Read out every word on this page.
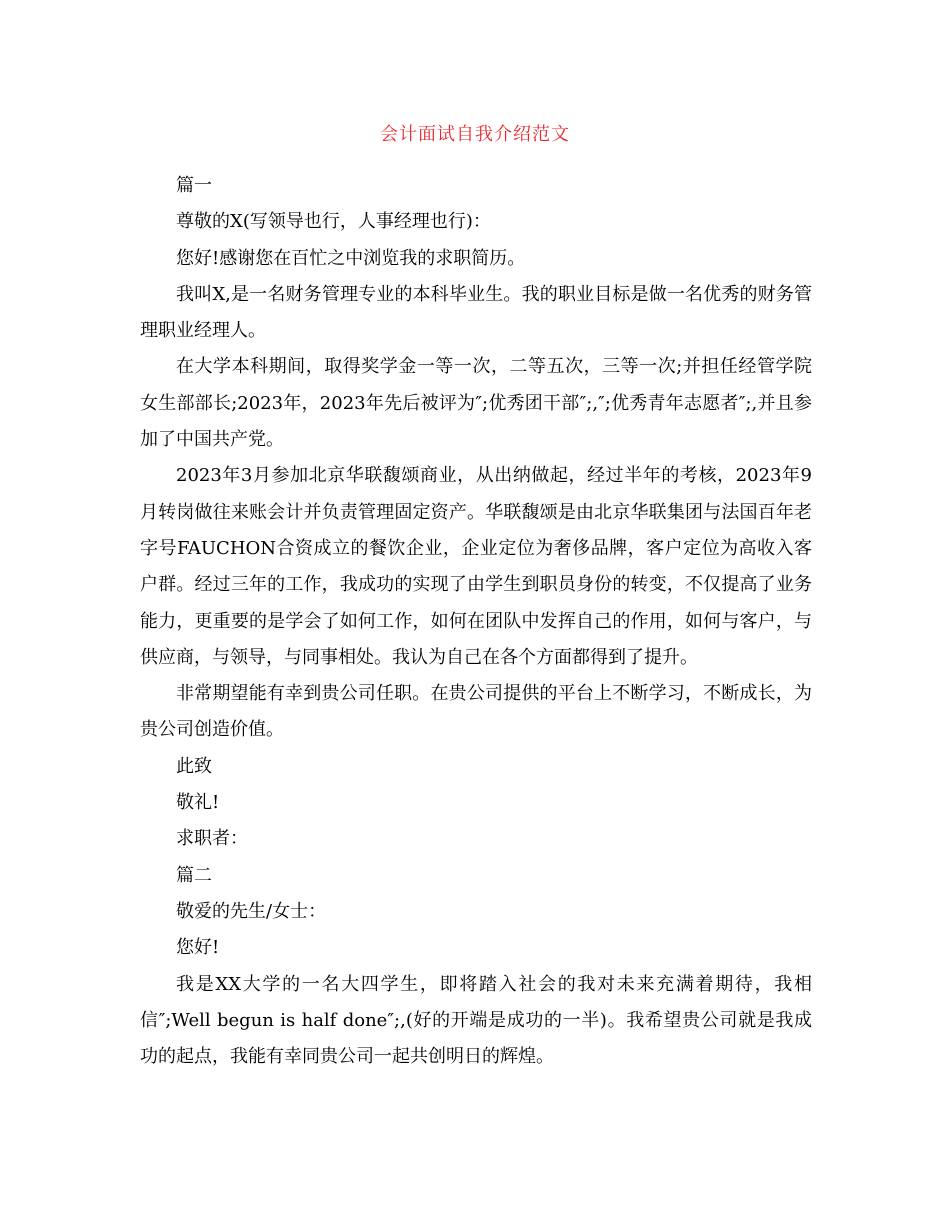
会计面试自我介绍范文

篇一

尊敬的X(写领导也行，人事经理也行)：

您好!感谢您在百忙之中浏览我的求职简历。

我叫X,是一名财务管理专业的本科毕业生。我的职业目标是做一名优秀的财务管理职业经理人。

在大学本科期间，取得奖学金一等一次，二等五次，三等一次;并担任经管学院女生部部长;2023年，2023年先后被评为″;优秀团干部″;,″;优秀青年志愿者″;,并且参加了中国共产党。

2023年3月参加北京华联馥颂商业，从出纳做起，经过半年的考核，2023年9月转岗做往来账会计并负责管理固定资产。华联馥颂是由北京华联集团与法国百年老字号FAUCHON合资成立的餐饮企业，企业定位为奢侈品牌，客户定位为高收入客户群。经过三年的工作，我成功的实现了由学生到职员身份的转变，不仅提高了业务能力，更重要的是学会了如何工作，如何在团队中发挥自己的作用，如何与客户，与供应商，与领导，与同事相处。我认为自己在各个方面都得到了提升。

非常期望能有幸到贵公司任职。在贵公司提供的平台上不断学习，不断成长，为贵公司创造价值。

此致

敬礼!

求职者：

篇二

敬爱的先生/女士：

您好!

我是XX大学的一名大四学生，即将踏入社会的我对未来充满着期待，我相信″;Well begun is half done″;,(好的开端是成功的一半)。我希望贵公司就是我成功的起点，我能有幸同贵公司一起共创明日的辉煌。
